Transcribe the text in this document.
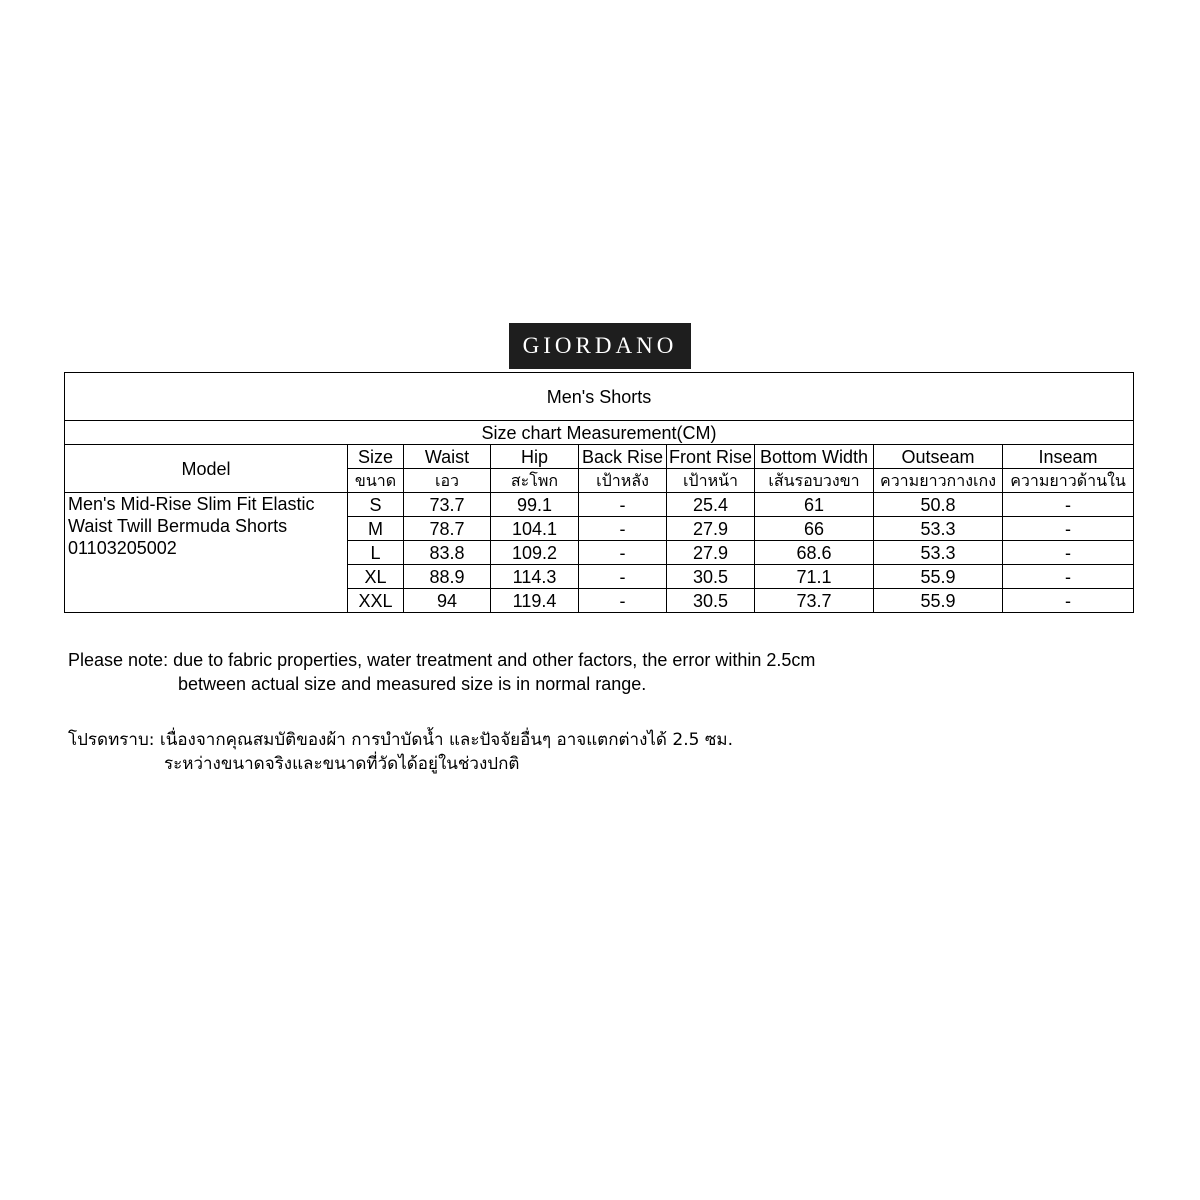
GIORDANO
Men's Shorts								
Size chart Measurement(CM)								
Model	Size	Waist	Hip	Back Rise	Front Rise	Bottom Width	Outseam	Inseam
	ขนาด	เอว	สะโพก	เป้าหลัง	เป้าหน้า	เส้นรอบวงขา	ความยาวกางเกง	ความยาวด้านใน

Men's Mid-Rise Slim Fit Elastic
Waist Twill Bermuda Shorts
01103205002	S	73.7	99.1	-	25.4	61	50.8	-
	M	78.7	104.1	-	27.9	66	53.3	-
	L	83.8	109.2	-	27.9	68.6	53.3	-
	XL	88.9	114.3	-	30.5	71.1	55.9	-
	XXL	94	119.4	-	30.5	73.7	55.9	-
Please note: due to fabric properties, water treatment and other factors, the error within 2.5cm
between actual size and measured size is in normal range.
โปรดทราบ: เนื่องจากคุณสมบัติของผ้า การบำบัดน้ำ และปัจจัยอื่นๆ อาจแตกต่างได้ 2.5 ซม.
ระหว่างขนาดจริงและขนาดที่วัดได้อยู่ในช่วงปกติ
